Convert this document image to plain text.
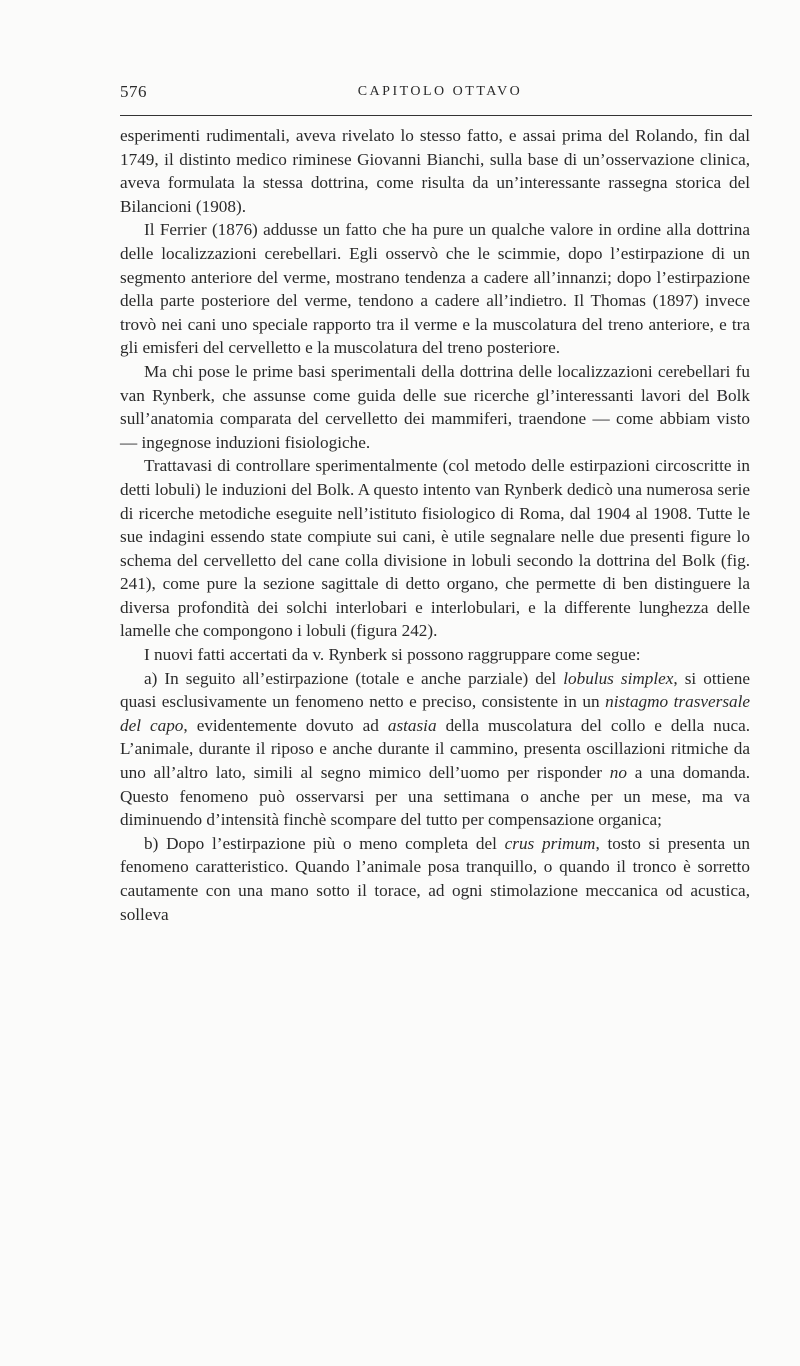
576	CAPITOLO OTTAVO

esperimenti rudimentali, aveva rivelato lo stesso fatto, e assai prima del Rolando, fin dal 1749, il distinto medico riminese Giovanni Bianchi, sulla base di un’osservazione clinica, aveva formulata la stessa dottrina, come risulta da un’interessante rassegna storica del Bilancioni (1908).

Il Ferrier (1876) addusse un fatto che ha pure un qualche valore in ordine alla dottrina delle localizzazioni cerebellari. Egli osservò che le scimmie, dopo l’estirpazione di un segmento anteriore del verme, mostrano tendenza a cadere all’innanzi; dopo l’estirpazione della parte posteriore del verme, tendono a cadere all’indietro. Il Thomas (1897) invece trovò nei cani uno speciale rapporto tra il verme e la muscolatura del treno anteriore, e tra gli emisferi del cervelletto e la muscolatura del treno posteriore.

Ma chi pose le prime basi sperimentali della dottrina delle localizzazioni cerebellari fu van Rynberk, che assunse come guida delle sue ricerche gl’interessanti lavori del Bolk sull’anatomia comparata del cervelletto dei mammiferi, traendone — come abbiam visto — ingegnose induzioni fisiologiche.

Trattavasi di controllare sperimentalmente (col metodo delle estirpazioni circoscritte in detti lobuli) le induzioni del Bolk. A questo intento van Rynberk dedicò una numerosa serie di ricerche metodiche eseguite nell’istituto fisiologico di Roma, dal 1904 al 1908. Tutte le sue indagini essendo state compiute sui cani, è utile segnalare nelle due presenti figure lo schema del cervelletto del cane colla divisione in lobuli secondo la dottrina del Bolk (fig. 241), come pure la sezione sagittale di detto organo, che permette di ben distinguere la diversa profondità dei solchi interlobari e interlobulari, e la differente lunghezza delle lamelle che compongono i lobuli (figura 242).

I nuovi fatti accertati da v. Rynberk si possono raggruppare come segue:

a) In seguito all’estirpazione (totale e anche parziale) del lobulus simplex, si ottiene quasi esclusivamente un fenomeno netto e preciso, consistente in un nistagmo trasversale del capo, evidentemente dovuto ad astasia della muscolatura del collo e della nuca. L’animale, durante il riposo e anche durante il cammino, presenta oscillazioni ritmiche da uno all’altro lato, simili al segno mimico dell’uomo per risponder no a una domanda. Questo fenomeno può osservarsi per una settimana o anche per un mese, ma va diminuendo d’intensità finchè scompare del tutto per compensazione organica;

b) Dopo l’estirpazione più o meno completa del crus primum, tosto si presenta un fenomeno caratteristico. Quando l’animale posa tranquillo, o quando il tronco è sorretto cautamente con una mano sotto il torace, ad ogni stimolazione meccanica od acustica, solleva
